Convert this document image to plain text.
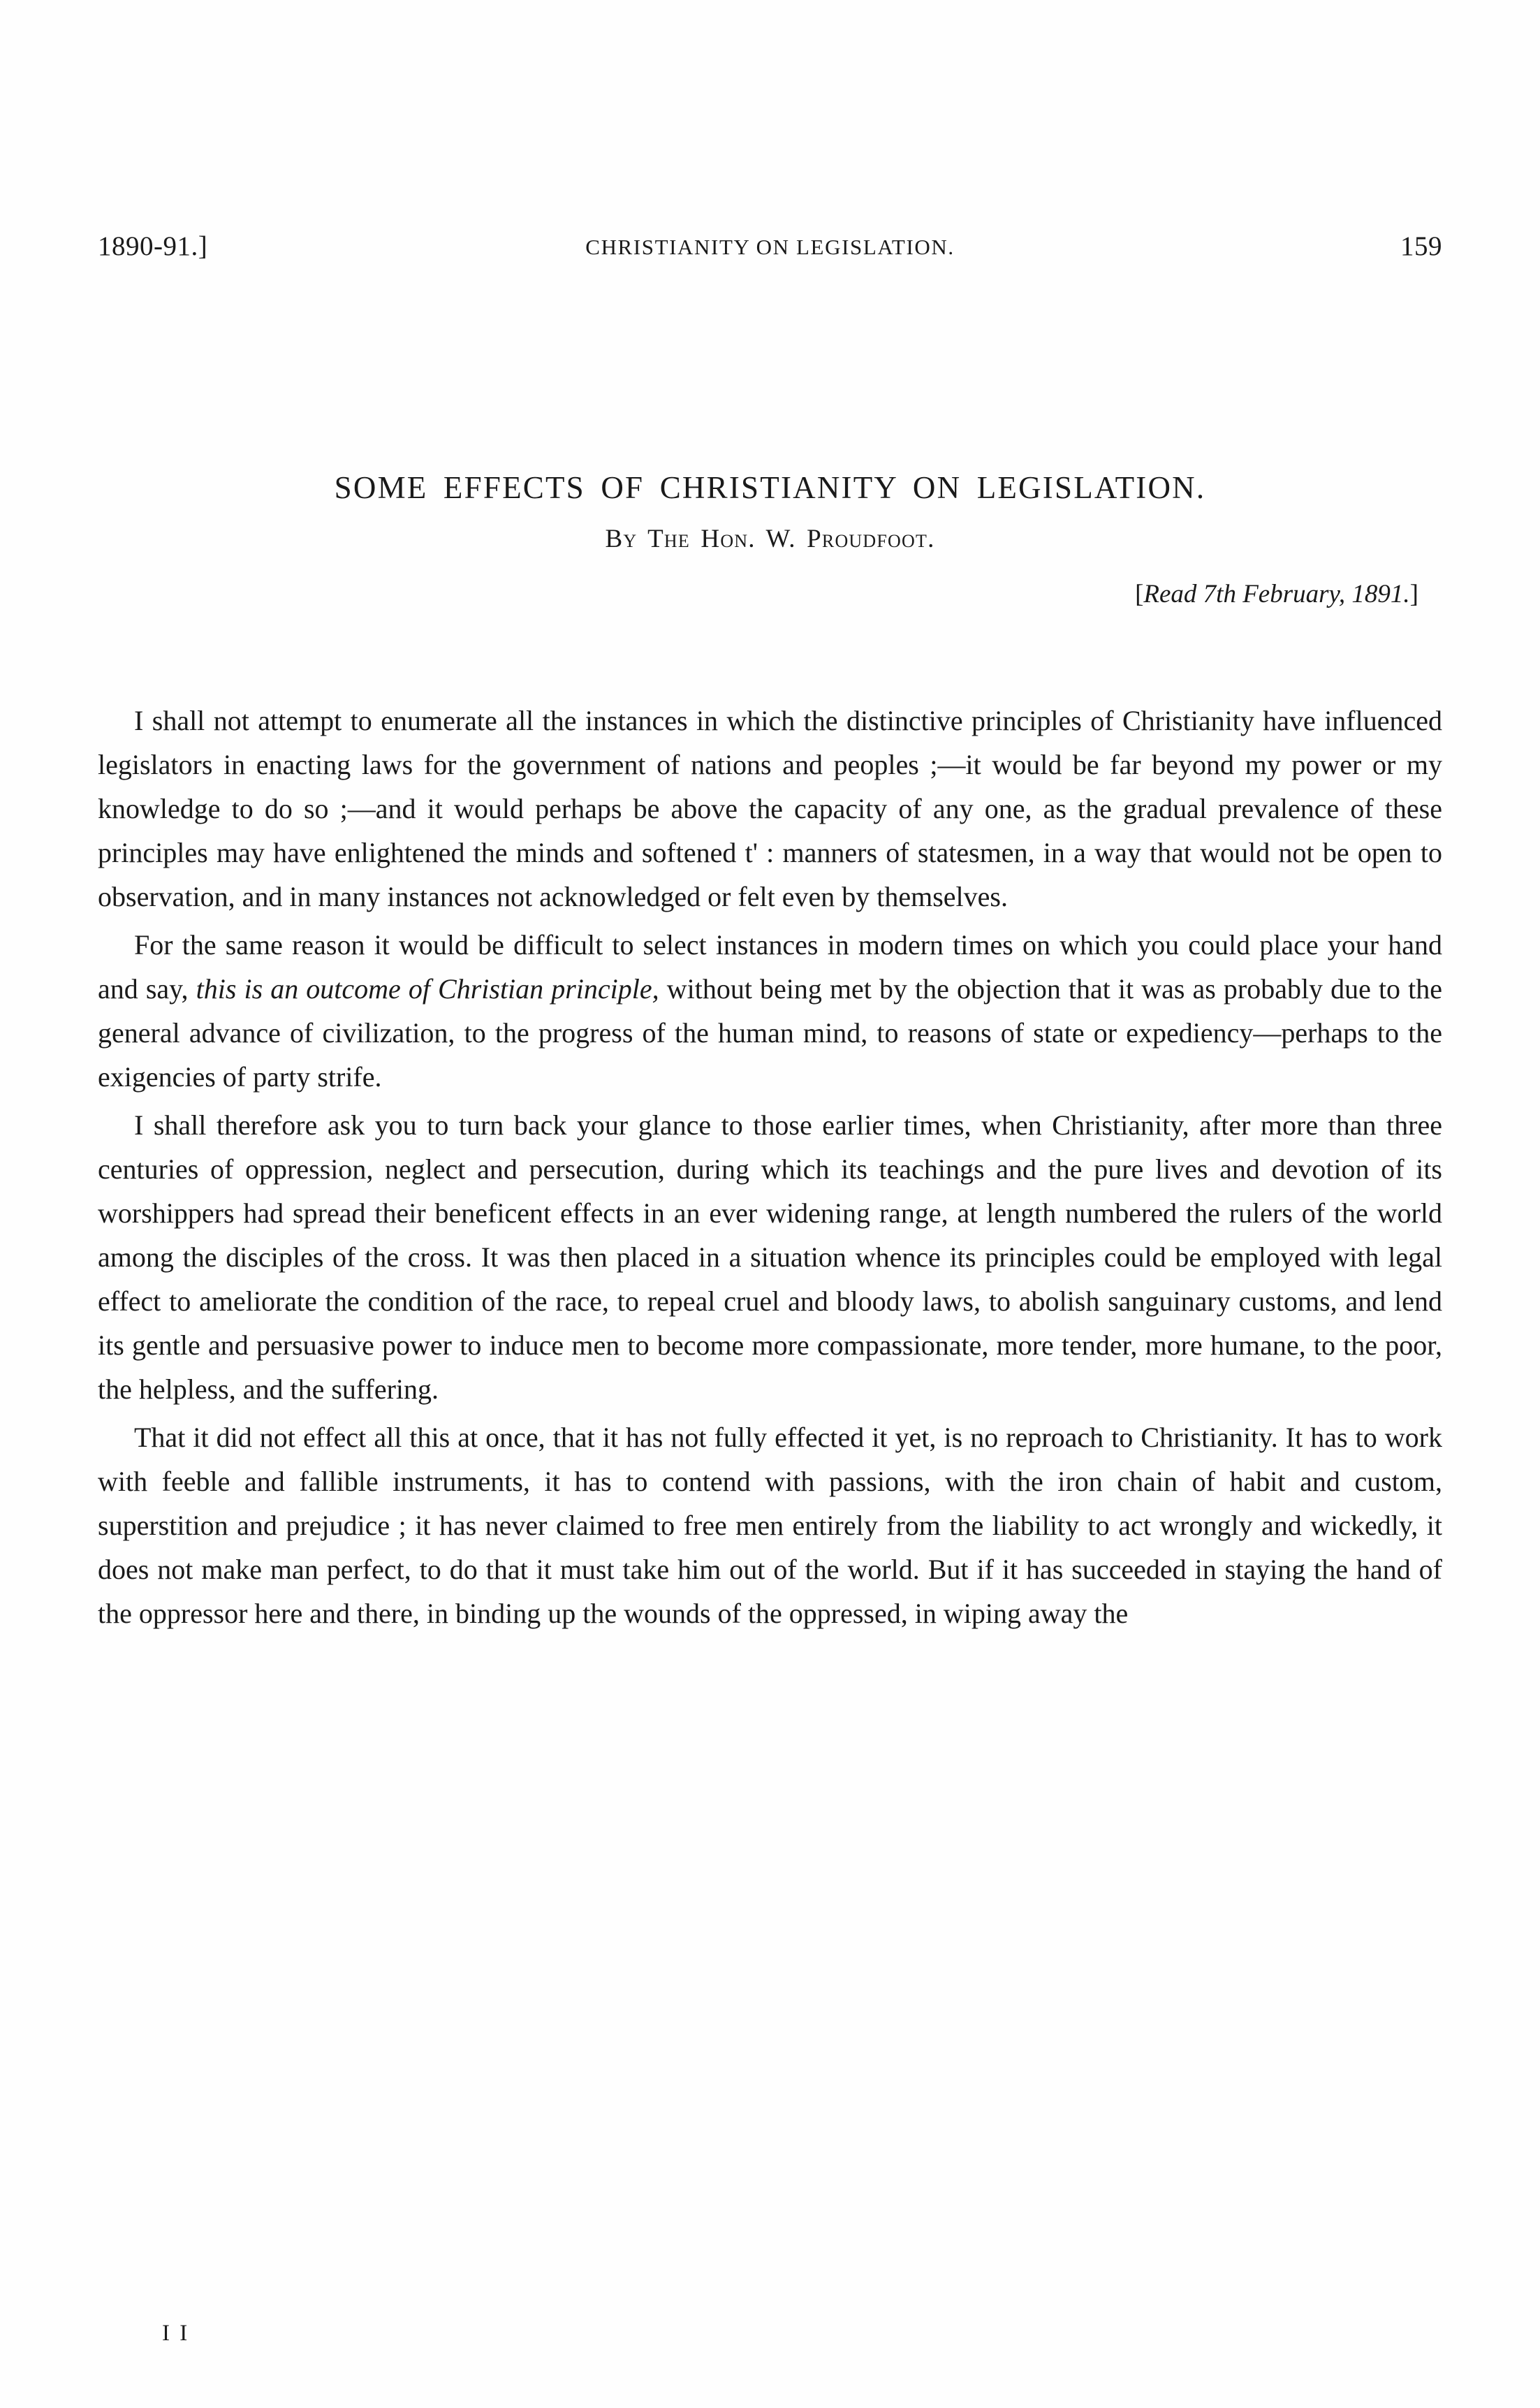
1890-91.]	CHRISTIANITY ON LEGISLATION.	159
SOME EFFECTS OF CHRISTIANITY ON LEGISLATION.
By The Hon. W. Proudfoot.
[Read 7th February, 1891.]

I shall not attempt to enumerate all the instances in which the distinctive principles of Christianity have influenced legislators in enacting laws for the government of nations and peoples ;—it would be far beyond my power or my knowledge to do so ;—and it would perhaps be above the capacity of any one, as the gradual prevalence of these principles may have enlightened the minds and softened t' : manners of statesmen, in a way that would not be open to observation, and in many instances not acknowledged or felt even by themselves.

For the same reason it would be difficult to select instances in modern times on which you could place your hand and say, this is an outcome of Christian principle, without being met by the objection that it was as probably due to the general advance of civilization, to the progress of the human mind, to reasons of state or expediency—perhaps to the exigencies of party strife.

I shall therefore ask you to turn back your glance to those earlier times, when Christianity, after more than three centuries of oppression, neglect and persecution, during which its teachings and the pure lives and devotion of its worshippers had spread their beneficent effects in an ever widening range, at length numbered the rulers of the world among the disciples of the cross. It was then placed in a situation whence its principles could be employed with legal effect to ameliorate the condition of the race, to repeal cruel and bloody laws, to abolish sanguinary customs, and lend its gentle and persuasive power to induce men to become more compassionate, more tender, more humane, to the poor, the helpless, and the suffering.

That it did not effect all this at once, that it has not fully effected it yet, is no reproach to Christianity. It has to work with feeble and fallible instruments, it has to contend with passions, with the iron chain of habit and custom, superstition and prejudice ; it has never claimed to free men entirely from the liability to act wrongly and wickedly, it does not make man perfect, to do that it must take him out of the world. But if it has succeeded in staying the hand of the oppressor here and there, in binding up the wounds of the oppressed, in wiping away the

I I
